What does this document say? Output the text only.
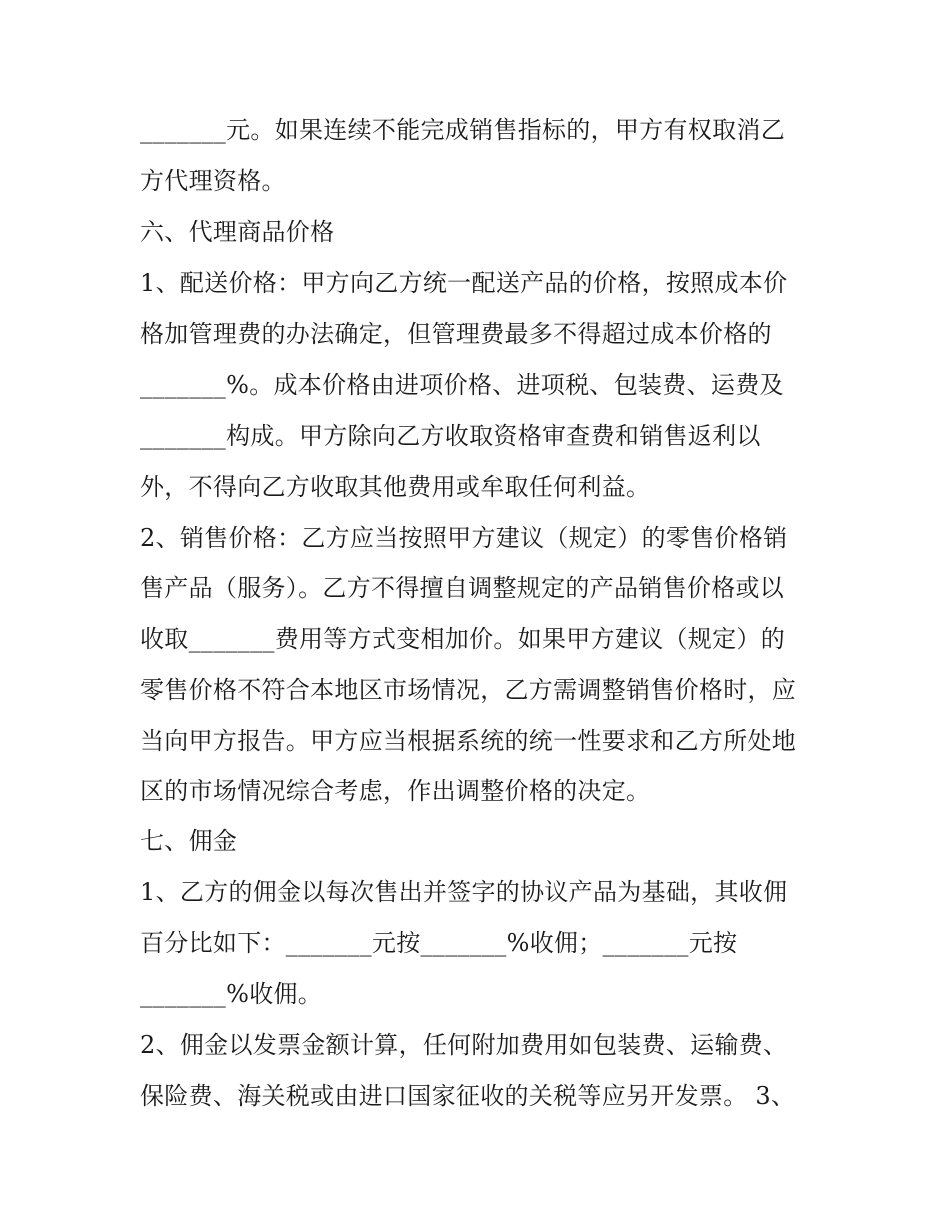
_______元。如果连续不能完成销售指标的，甲方有权取消乙
方代理资格。
六、代理商品价格
1、配送价格：甲方向乙方统一配送产品的价格，按照成本价
格加管理费的办法确定，但管理费最多不得超过成本价格的
_______%。成本价格由进项价格、进项税、包装费、运费及
_______构成。甲方除向乙方收取资格审查费和销售返利以
外，不得向乙方收取其他费用或牟取任何利益。
2、销售价格：乙方应当按照甲方建议（规定）的零售价格销
售产品（服务）。乙方不得擅自调整规定的产品销售价格或以
收取_______费用等方式变相加价。如果甲方建议（规定）的
零售价格不符合本地区市场情况，乙方需调整销售价格时，应
当向甲方报告。甲方应当根据系统的统一性要求和乙方所处地
区的市场情况综合考虑，作出调整价格的决定。
七、佣金
1、乙方的佣金以每次售出并签字的协议产品为基础，其收佣
百分比如下：_______元按_______%收佣；_______元按
_______%收佣。
2、佣金以发票金额计算，任何附加费用如包装费、运输费、
保险费、海关税或由进口国家征收的关税等应另开发票。 3、
